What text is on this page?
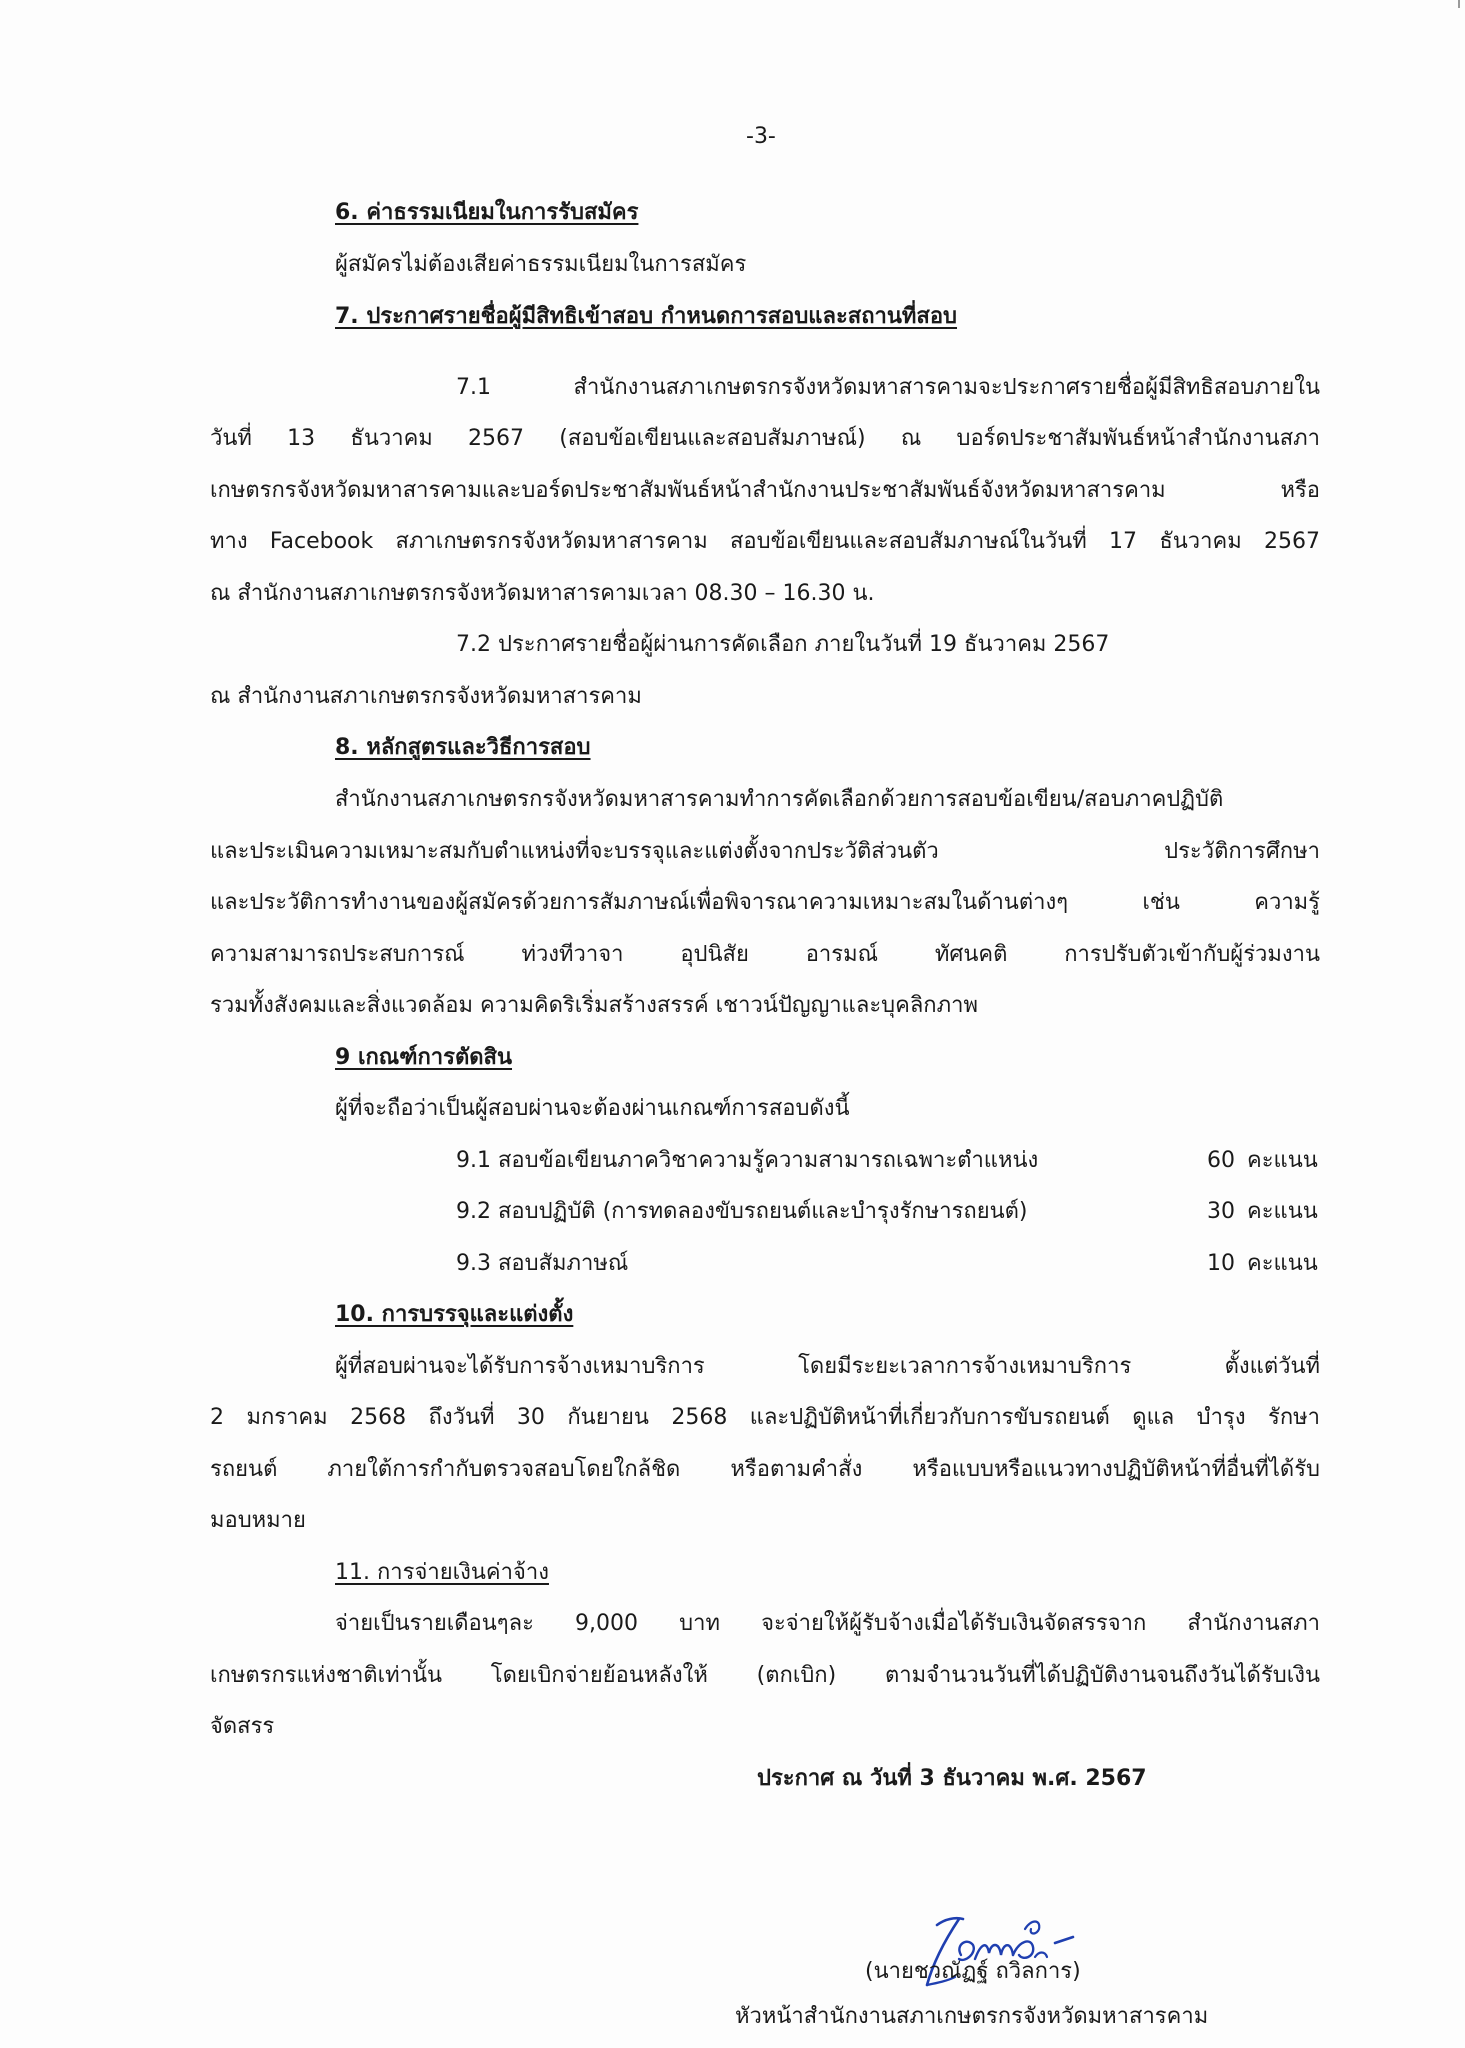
-3-
6. ค่าธรรมเนียมในการรับสมัคร
ผู้สมัครไม่ต้องเสียค่าธรรมเนียมในการสมัคร
7. ประกาศรายชื่อผู้มีสิทธิเข้าสอบ กำหนดการสอบและสถานที่สอบ
7.1 สำนักงานสภาเกษตรกรจังหวัดมหาสารคามจะประกาศรายชื่อผู้มีสิทธิสอบภายใน
วันที่ 13 ธันวาคม 2567 (สอบข้อเขียนและสอบสัมภาษณ์) ณ บอร์ดประชาสัมพันธ์หน้าสำนักงานสภา
เกษตรกรจังหวัดมหาสารคามและบอร์ดประชาสัมพันธ์หน้าสำนักงานประชาสัมพันธ์จังหวัดมหาสารคาม หรือ
ทาง Facebook สภาเกษตรกรจังหวัดมหาสารคาม สอบข้อเขียนและสอบสัมภาษณ์ในวันที่ 17 ธันวาคม 2567
ณ สำนักงานสภาเกษตรกรจังหวัดมหาสารคามเวลา 08.30 – 16.30 น.
7.2 ประกาศรายชื่อผู้ผ่านการคัดเลือก ภายในวันที่ 19 ธันวาคม 2567
ณ สำนักงานสภาเกษตรกรจังหวัดมหาสารคาม
8. หลักสูตรและวิธีการสอบ
สำนักงานสภาเกษตรกรจังหวัดมหาสารคามทำการคัดเลือกด้วยการสอบข้อเขียน/สอบภาคปฏิบัติ
และประเมินความเหมาะสมกับตำแหน่งที่จะบรรจุและแต่งตั้งจากประวัติส่วนตัว ประวัติการศึกษา
และประวัติการทำงานของผู้สมัครด้วยการสัมภาษณ์เพื่อพิจารณาความเหมาะสมในด้านต่างๆ เช่น ความรู้
ความสามารถประสบการณ์ ท่วงทีวาจา อุปนิสัย อารมณ์ ทัศนคติ การปรับตัวเข้ากับผู้ร่วมงาน
รวมทั้งสังคมและสิ่งแวดล้อม ความคิดริเริ่มสร้างสรรค์ เชาวน์ปัญญาและบุคลิกภาพ
9 เกณฑ์การตัดสิน
ผู้ที่จะถือว่าเป็นผู้สอบผ่านจะต้องผ่านเกณฑ์การสอบดังนี้
9.1 สอบข้อเขียนภาควิชาความรู้ความสามารถเฉพาะตำแหน่ง	60 คะแนน
9.2 สอบปฏิบัติ (การทดลองขับรถยนต์และบำรุงรักษารถยนต์)	30 คะแนน
9.3 สอบสัมภาษณ์	10 คะแนน
10. การบรรจุและแต่งตั้ง
ผู้ที่สอบผ่านจะได้รับการจ้างเหมาบริการ โดยมีระยะเวลาการจ้างเหมาบริการ ตั้งแต่วันที่
2 มกราคม 2568 ถึงวันที่ 30 กันยายน 2568 และปฏิบัติหน้าที่เกี่ยวกับการขับรถยนต์ ดูแล บำรุง รักษา
รถยนต์ ภายใต้การกำกับตรวจสอบโดยใกล้ชิด หรือตามคำสั่ง หรือแบบหรือแนวทางปฏิบัติหน้าที่อื่นที่ได้รับ
มอบหมาย
11. การจ่ายเงินค่าจ้าง
จ่ายเป็นรายเดือนๆละ 9,000 บาท จะจ่ายให้ผู้รับจ้างเมื่อได้รับเงินจัดสรรจาก สำนักงานสภา
เกษตรกรแห่งชาติเท่านั้น โดยเบิกจ่ายย้อนหลังให้ (ตกเบิก) ตามจำนวนวันที่ได้ปฏิบัติงานจนถึงวันได้รับเงิน
จัดสรร
ประกาศ ณ วันที่ 3 ธันวาคม พ.ศ. 2567
(นายชวณัฏฐ์ ถวิลการ)
หัวหน้าสำนักงานสภาเกษตรกรจังหวัดมหาสารคาม
